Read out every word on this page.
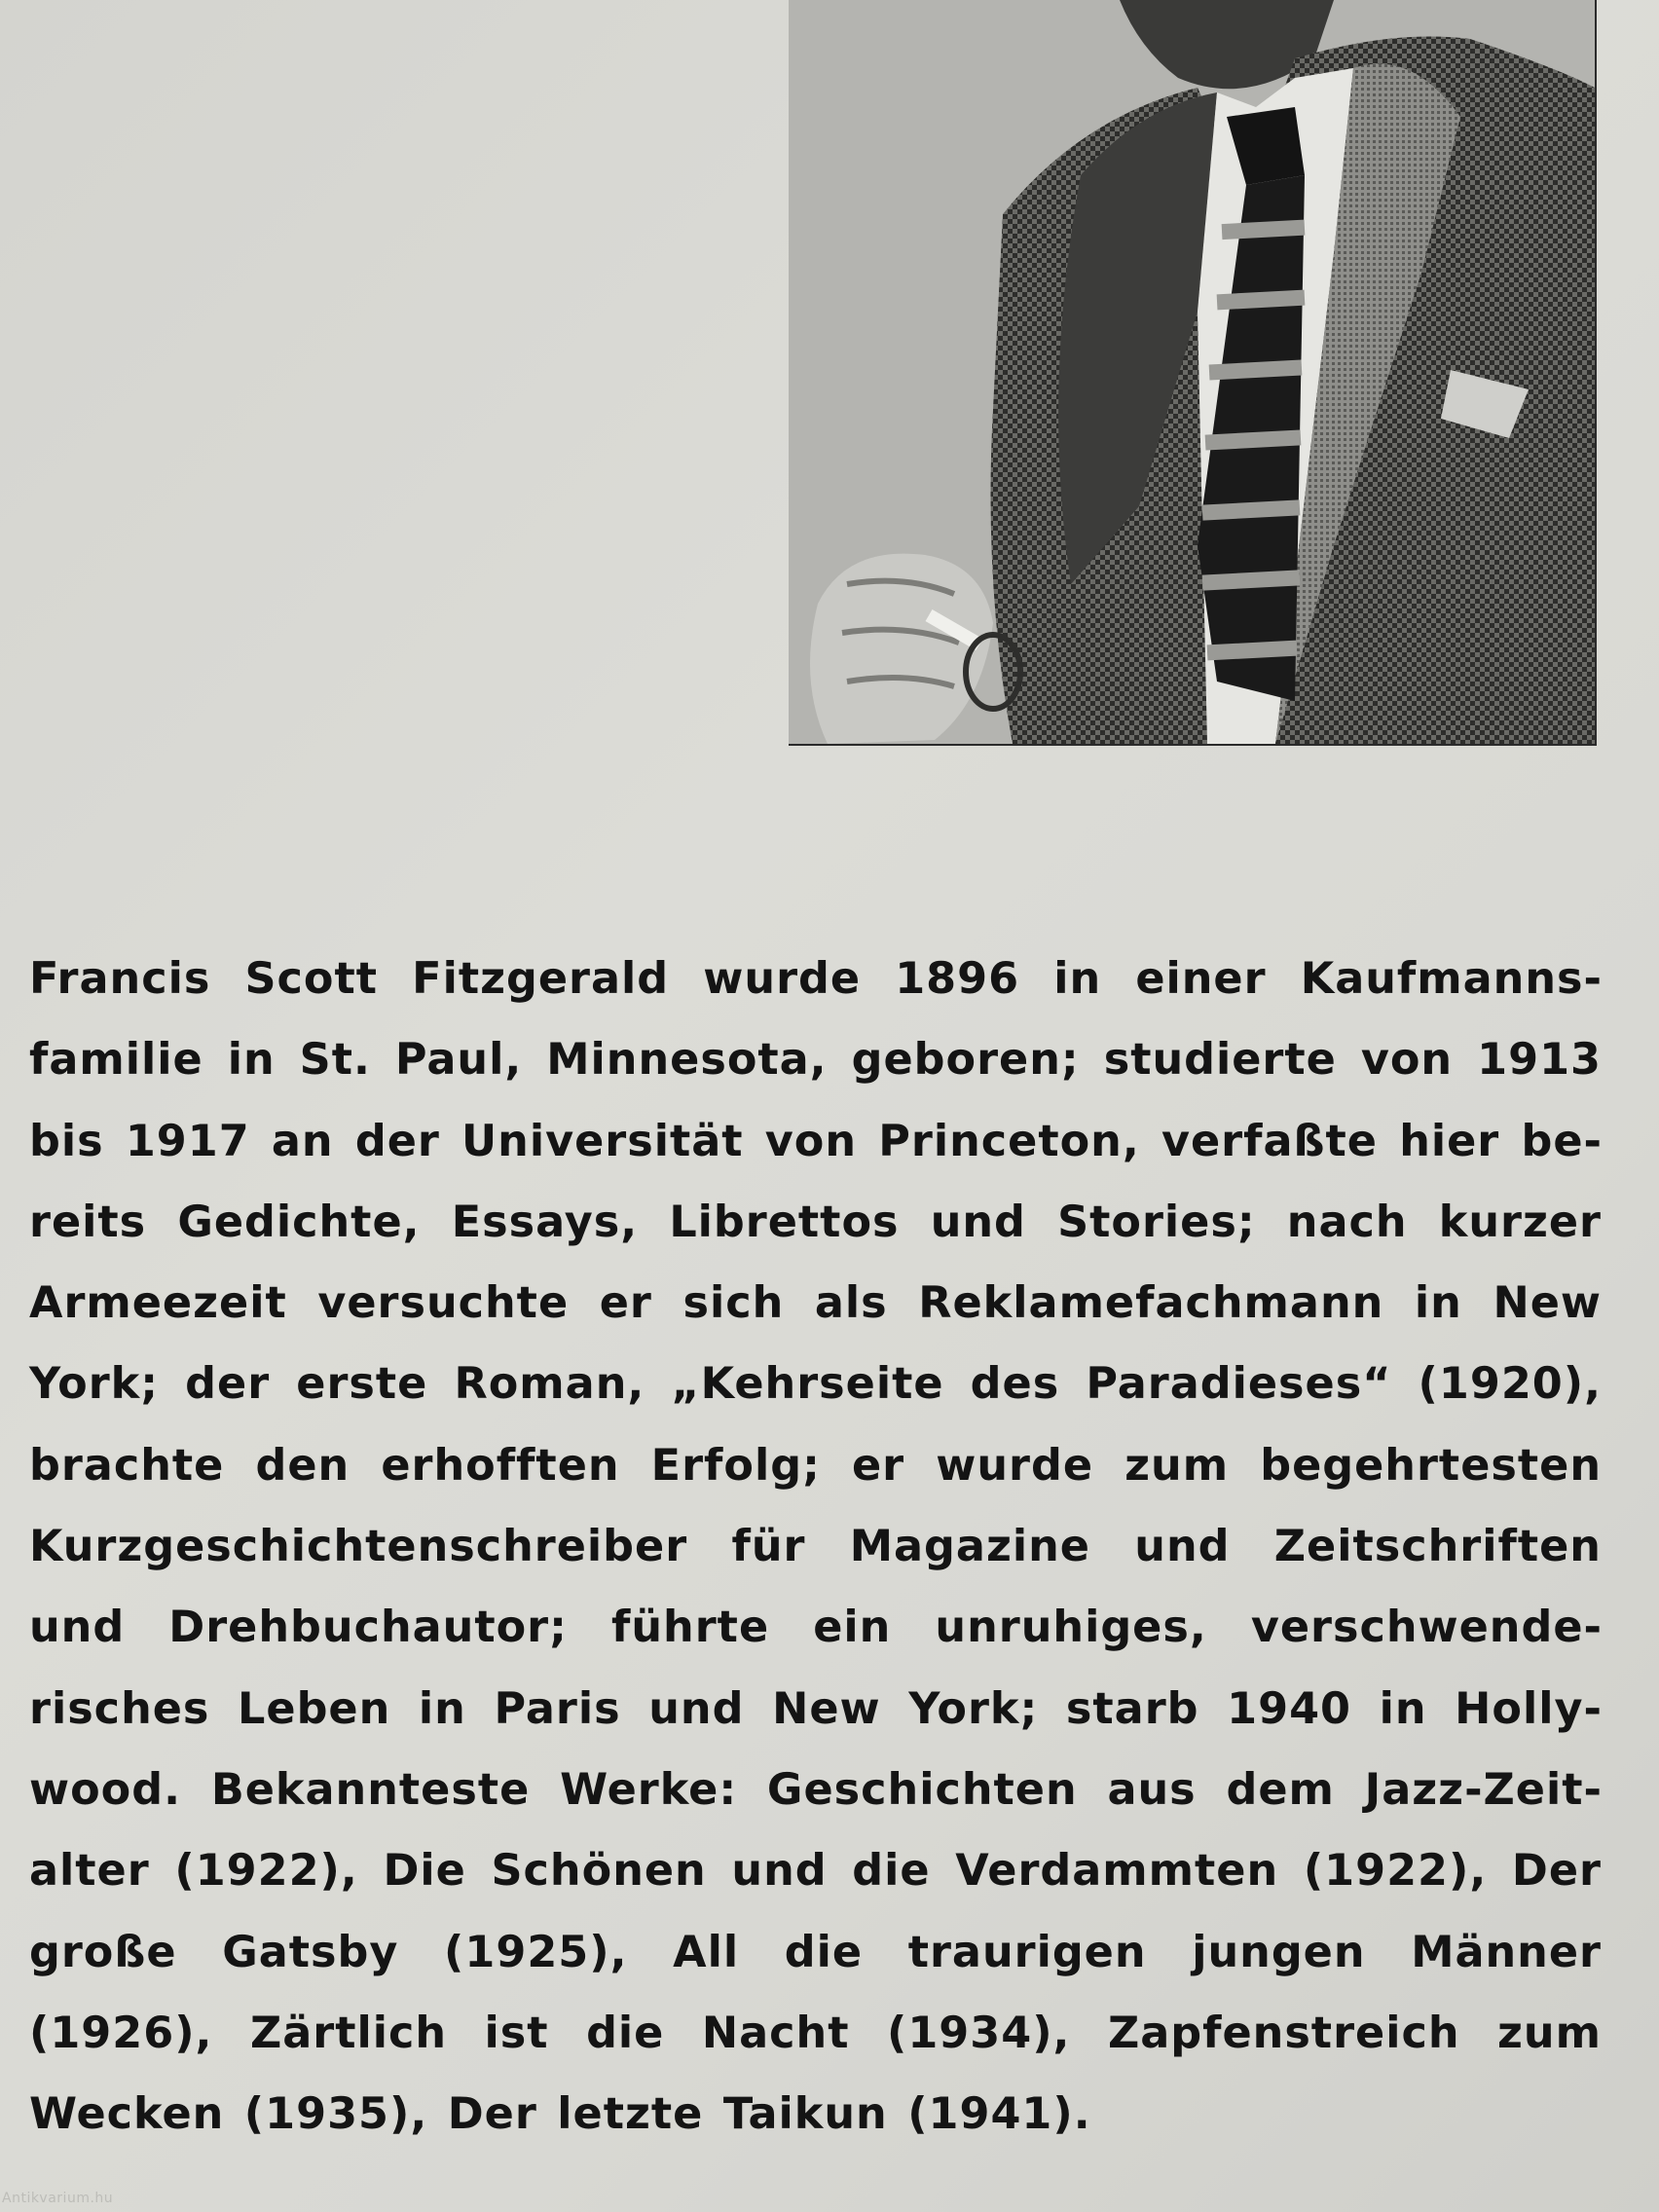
Francis Scott Fitzgerald wurde 1896 in einer Kaufmannsfamilie in St. Paul, Minnesota, geboren; studierte von 1913 bis 1917 an der Universität von Princeton, verfaßte hier bereits Gedichte, Essays, Librettos und Stories; nach kurzer Armeezeit versuchte er sich als Reklamefachmann in New York; der erste Roman, „Kehrseite des Paradieses“ (1920), brachte den erhofften Erfolg; er wurde zum begehrtesten Kurzgeschichtenschreiber für Magazine und Zeitschriften und Drehbuchautor; führte ein unruhiges, verschwenderisches Leben in Paris und New York; starb 1940 in Hollywood. Bekannteste Werke: Geschichten aus dem Jazz-Zeitalter (1922), Die Schönen und die Verdammten (1922), Der große Gatsby (1925), All die traurigen jungen Männer (1926), Zärtlich ist die Nacht (1934), Zapfenstreich zum Wecken (1935), Der letzte Taikun (1941).

Antikvarium.hu
